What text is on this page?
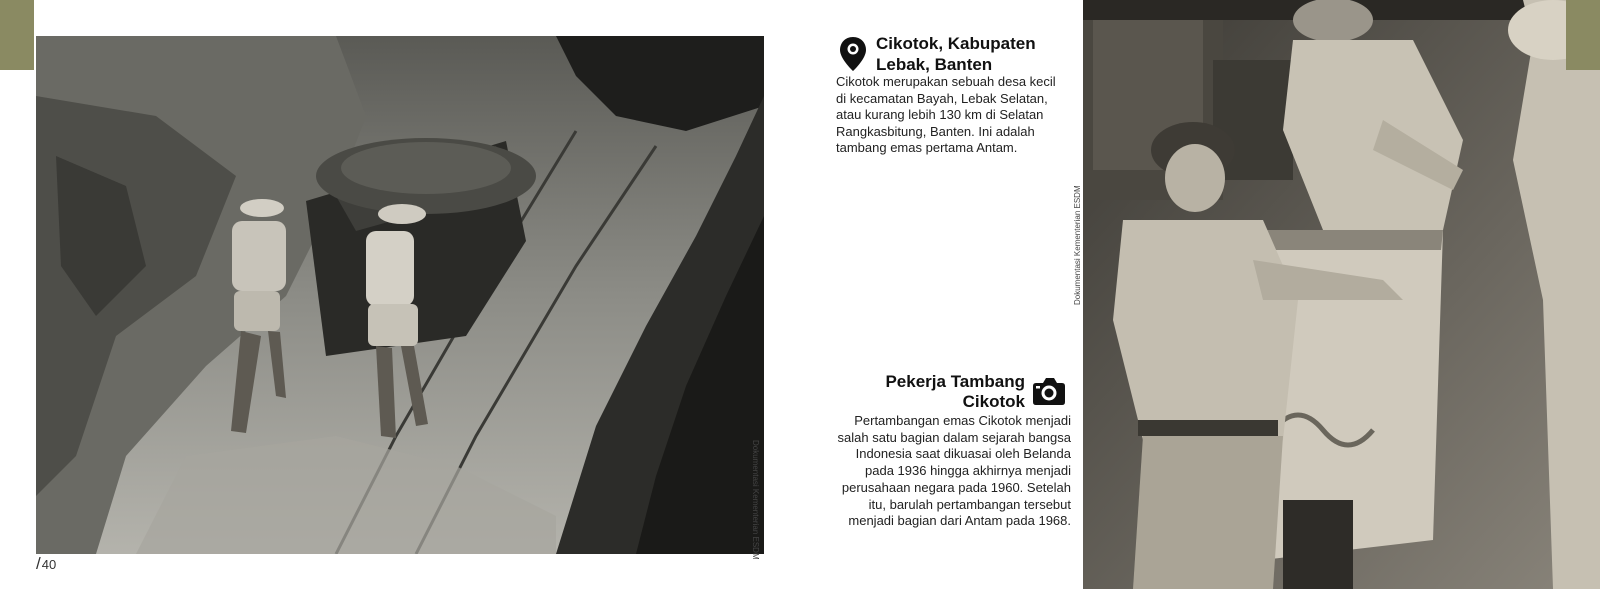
Dokumentasi Kementerian ESDM
/40
Cikotok, Kabupaten Lebak, Banten
Cikotok merupakan sebuah desa kecil di kecamatan Bayah, Lebak Selatan, atau kurang lebih 130 km di Selatan Rangkasbitung, Banten. Ini adalah tambang emas pertama Antam.
Pekerja Tambang Cikotok
Pertambangan emas Cikotok menjadi salah satu bagian dalam sejarah bangsa Indonesia saat dikuasai oleh Belanda pada 1936 hingga akhirnya menjadi perusahaan negara pada 1960. Setelah itu, barulah pertambangan tersebut menjadi bagian dari Antam pada 1968.
Dokumentasi Kementerian ESDM
